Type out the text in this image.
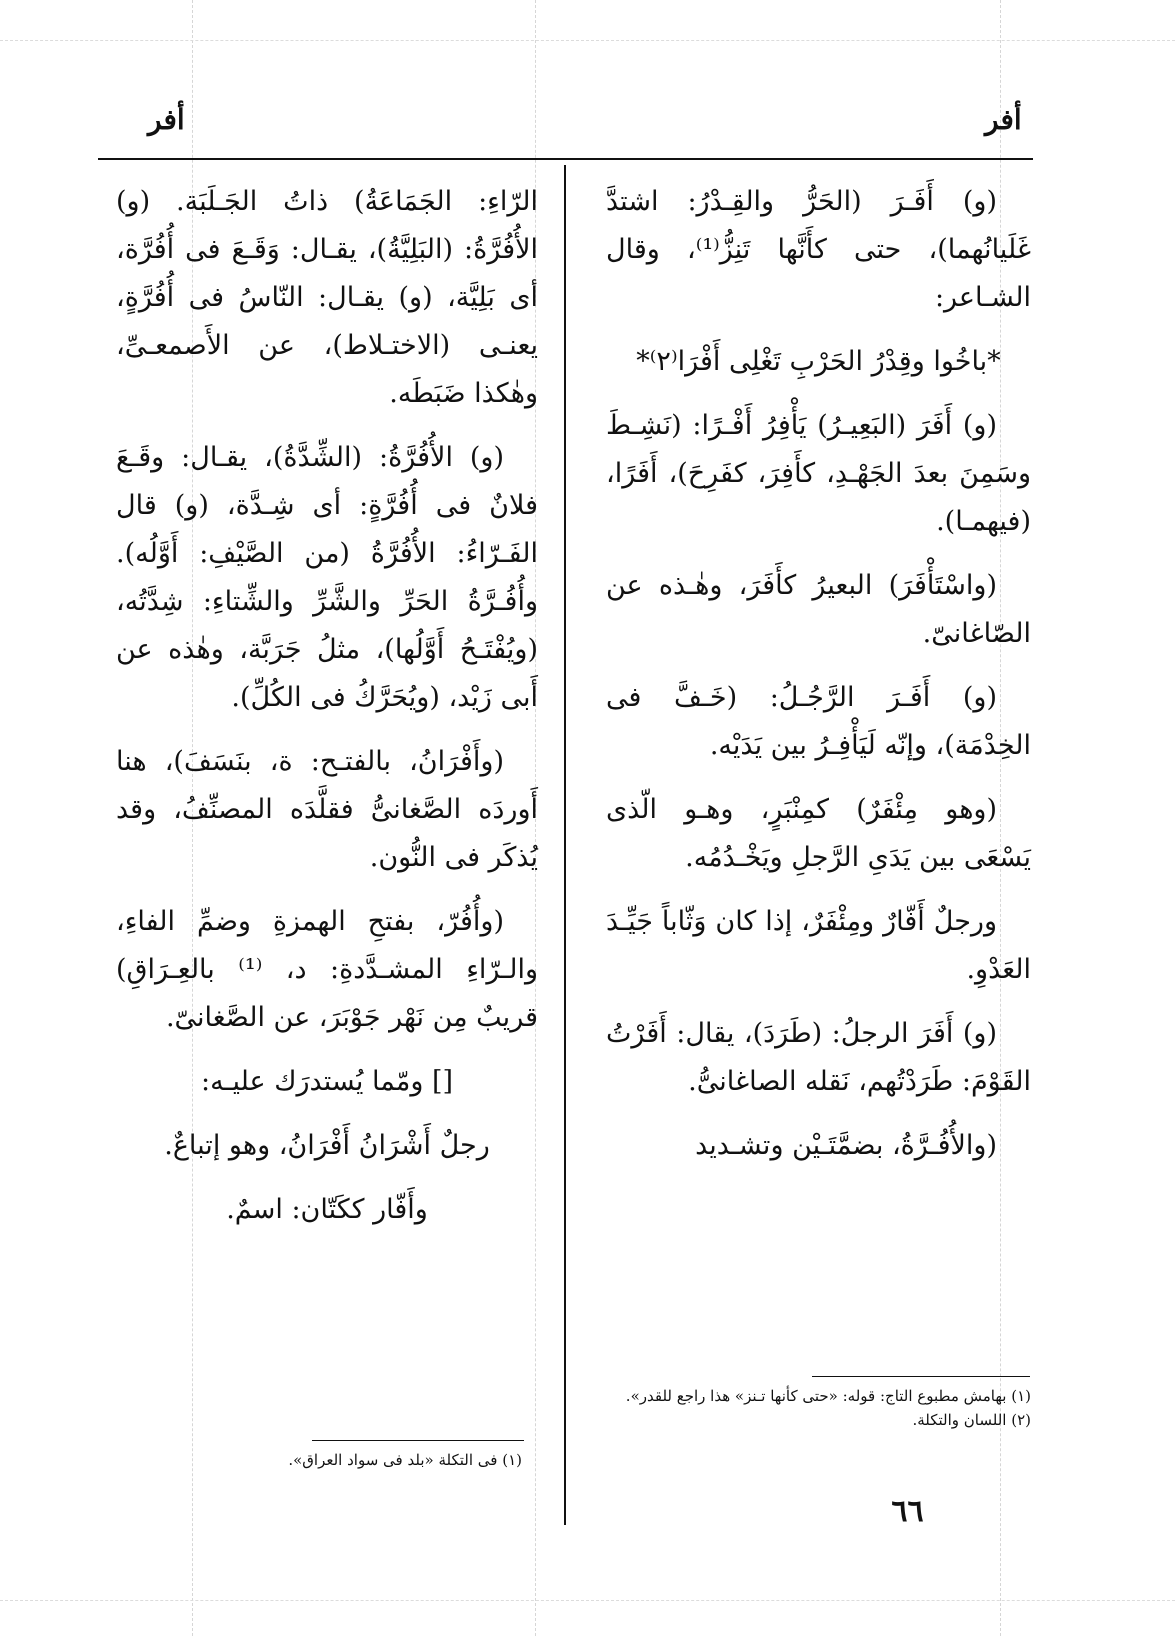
أفر	أفر

(و) أَفَـرَ (الحَرُّ والقِـدْرُ: اشتدَّ غَلَيانُهما)، حتى كأَنَّها تَنِزُّ⁽¹⁾، وقال الشـاعر:

*باخُوا وقِدْرُ الحَرْبِ تَغْلِى أَفْرَا⁽٢⁾*

(و) أَفَرَ (البَعِيـرُ) يَأْفِرُ أَفْـرًا: (نَشِـطَ وسَمِنَ بعدَ الجَهْـدِ، كأَفِرَ، كفَرِحَ)، أَفَرًا، (فيهمـا).

(واسْتَأْفَرَ) البعيرُ كأَفَرَ، وهٰـذه عن الصّاغانىّ.

(و) أَفَـرَ الرَّجُـلُ: (خَـفَّ فى الخِدْمَة)، وإنّه لَيَأْفِـرُ بين يَدَيْه.

(وهو مِئْفَرٌ) كمِنْبَرٍ، وهـو الّذى يَسْعَى بين يَدَىِ الرَّجلِ ويَخْـدُمُه.

ورجلٌ أَفّارٌ ومِئْفَرٌ، إذا كان وَثّاباً جَيِّـدَ العَدْوِ.

(و) أَفَرَ الرجلُ: (طَرَدَ)، يقال: أَفَرْتُ القَوْمَ: طَرَدْتُهم، نَقله الصاغانىُّ.

(والأُفُـرَّةُ، بضمَّتَـيْن وتشـديد

الرّاءِ: الجَمَاعَةُ) ذاتُ الجَـلَبَة. (و) الأُفُرَّةُ: (البَلِيَّةُ)، يقـال: وَقَـعَ فى أُفُرَّة، أى بَلِيَّة، (و) يقـال: النّاسُ فى أُفُرَّةٍ، يعنـى (الاختـلاط)، عن الأَصمعـىِّ، وهٰكذا ضَبَطَه.

(و) الأُفُرَّةُ: (الشِّدَّةُ)، يقـال: وقَـعَ فلانٌ فى أُفُرَّةٍ: أى شِـدَّة، (و) قال الفَـرّاءُ: الأُفُرَّةُ (من الصَّيْفِ: أَوَّلُه). وأُفُـرَّةُ الحَرِّ والشَّرِّ والشِّتاءِ: شِدَّتُه، (ويُفْتَـحُ أَوَّلُها)، مثلُ جَرَبَّة، وهٰذه عن أَبى زَيْد، (ويُحَرَّكُ فى الكُلِّ).

(وأَفْرَانُ، بالفتـح: ة، بنَسَفَ)، هنا أَوردَه الصَّغانىُّ فقلَّدَه المصنِّفُ، وقد يُذكَر فى النُّون.

(وأُفُرّ، بفتحِ الهمزةِ وضمِّ الفاءِ، والـرّاءِ المشـدَّدةِ: د، ⁽¹⁾ بالعِـرَاقِ) قريبٌ مِن نَهْر جَوْبَرَ، عن الصَّغانىّ.

[] ومّما يُستدرَك عليـه:

رجلٌ أَشْرَانُ أَفْرَانُ، وهو إتباعٌ.

وأَفّار ككَتّان: اسمٌ.

(١) بهامش مطبوع التاج: قوله: «حتى كأنها تـنز» هذا راجع للقدر».
(٢) اللسان والتكلة.
(١) فى التكلة «بلد فى سواد العراق».
٦٦
